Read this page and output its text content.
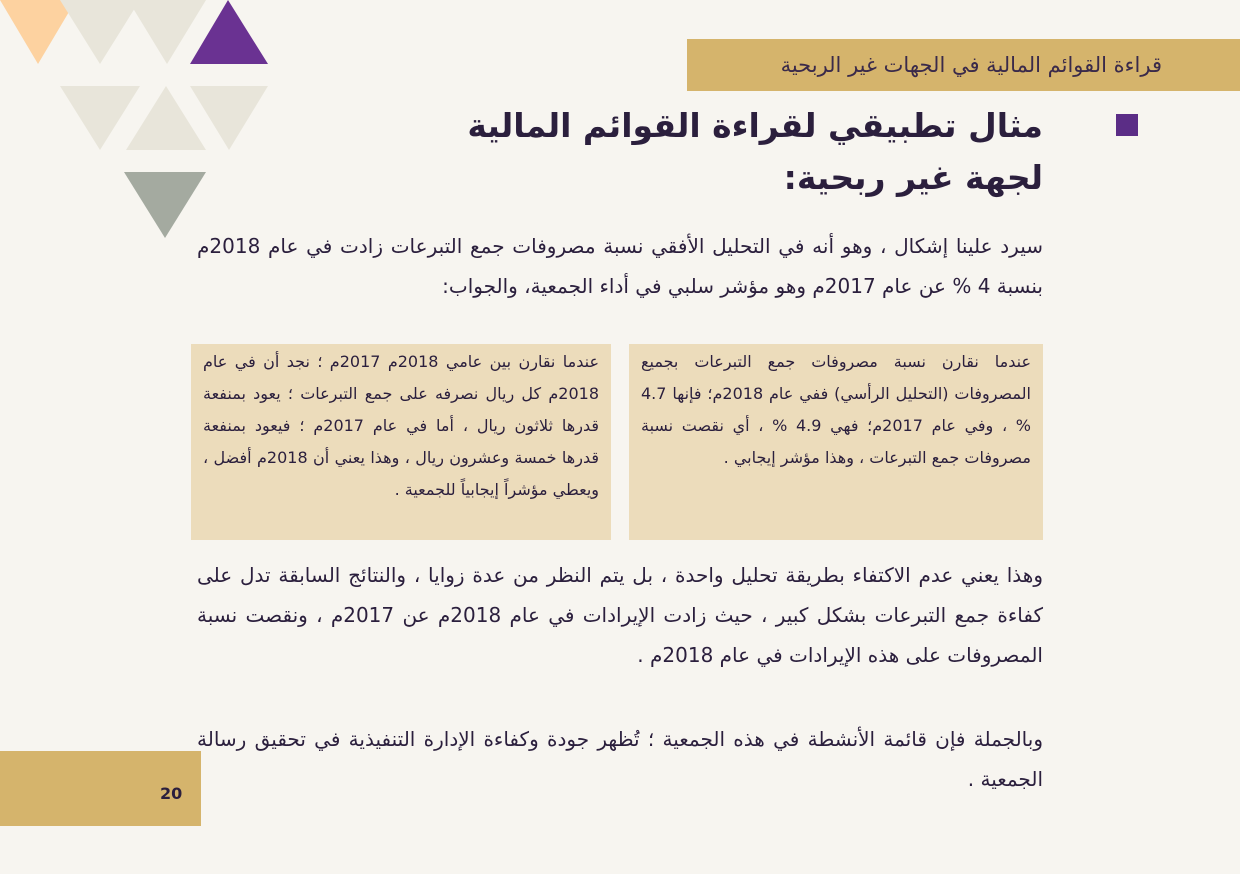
قراءة القوائم المالية في الجهات غير الربحية
مثال تطبيقي لقراءة القوائم المالية
لجهة غير ربحية:
سيرد علينا إشكال ، وهو أنه في التحليل الأفقي نسبة مصروفات جمع التبرعات زادت في عام 2018م بنسبة 4 % عن عام 2017م وهو مؤشر سلبي في أداء الجمعية، والجواب:
عندما نقارن نسبة مصروفات جمع التبرعات بجميع المصروفات (التحليل الرأسي) ففي عام 2018م؛ فإنها 4.7 % ، وفي عام 2017م؛ فهي 4.9 % ، أي نقصت نسبة مصروفات جمع التبرعات ، وهذا مؤشر إيجابي .
عندما نقارن بين عامي 2018م 2017م ؛ نجد أن في عام 2018م كل ريال نصرفه على جمع التبرعات ؛ يعود بمنفعة قدرها ثلاثون ريال ، أما في عام 2017م ؛ فيعود بمنفعة قدرها خمسة وعشرون ريال ، وهذا يعني أن 2018م أفضل ، ويعطي مؤشراً إيجابياً للجمعية .
وهذا يعني عدم الاكتفاء بطريقة تحليل واحدة ، بل يتم النظر من عدة زوايا ، والنتائج السابقة تدل على كفاءة جمع التبرعات بشكل كبير ، حيث زادت الإيرادات في عام 2018م عن 2017م ، ونقصت نسبة المصروفات على هذه الإيرادات في عام 2018م .
وبالجملة فإن قائمة الأنشطة في هذه الجمعية ؛ تُظهر جودة وكفاءة الإدارة التنفيذية في تحقيق رسالة الجمعية .
20
